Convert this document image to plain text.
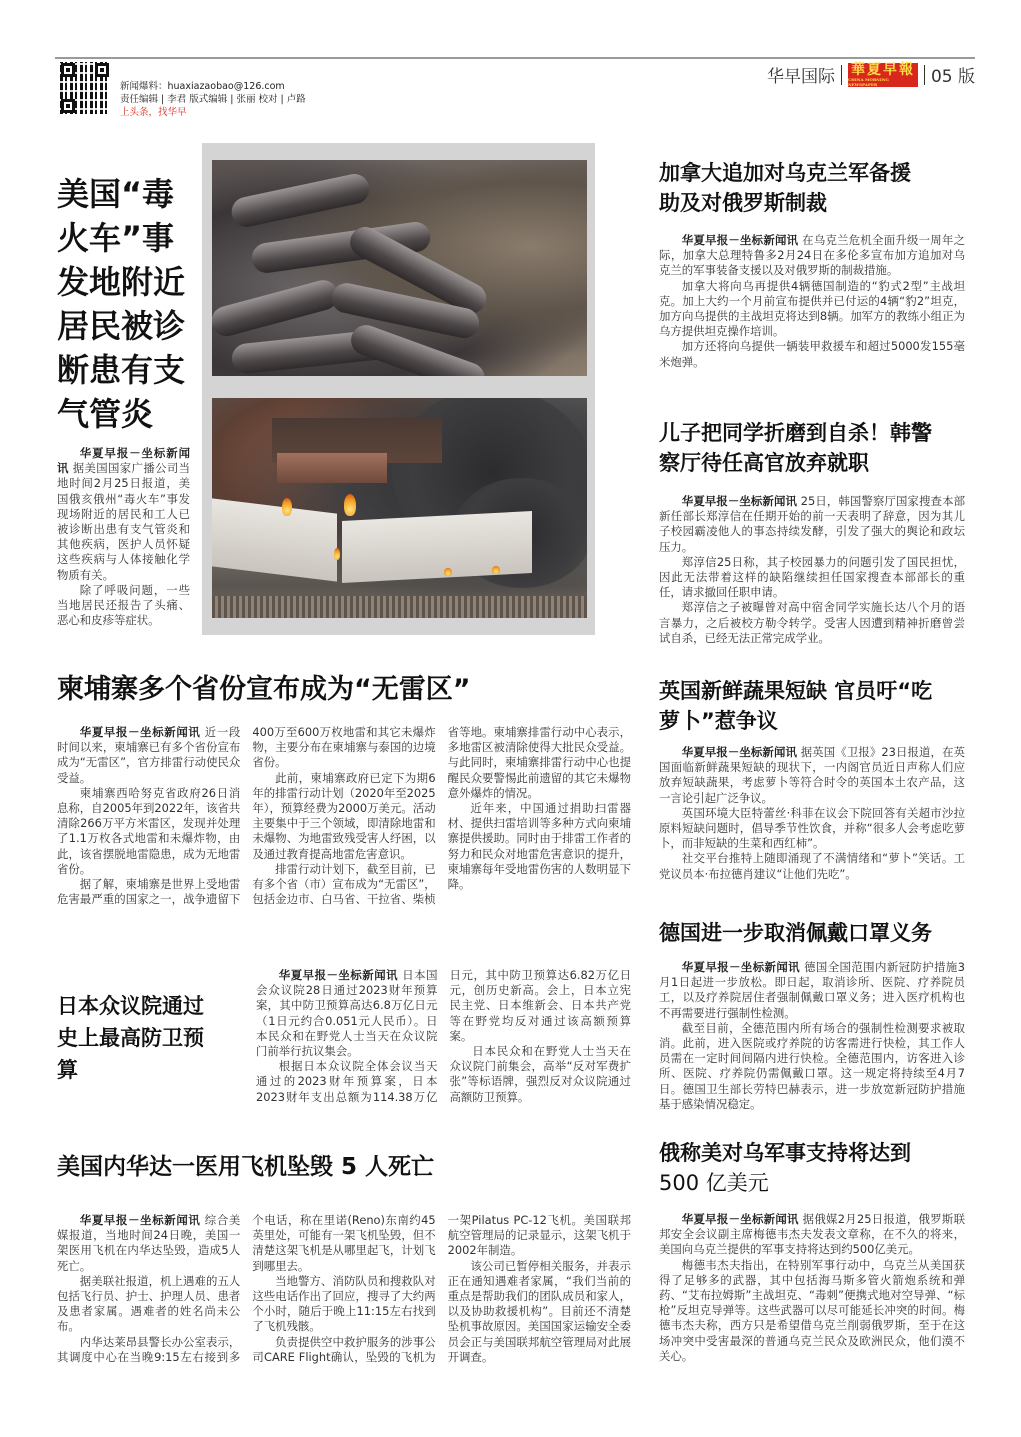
新闻爆料：huaxiazaobao@126.com
责任编辑 | 李君 版式编辑 | 张丽 校对 | 卢路
上头条，找华早
华早国际 華夏早報
CHINA MORNING NEWSPAPER	05 版
美国“毒
火车”事
发地附近
居民被诊
断患有支
气管炎

华夏早报－坐标新闻讯 据美国国家广播公司当地时间2月25日报道，美国俄亥俄州“毒火车”事发现场附近的居民和工人已被诊断出患有支气管炎和其他疾病，医护人员怀疑这些疾病与人体接触化学物质有关。

除了呼吸问题，一些当地居民还报告了头痛、恶心和皮疹等症状。

加拿大追加对乌克兰军备援
助及对俄罗斯制裁

华夏早报－坐标新闻讯 在乌克兰危机全面升级一周年之际，加拿大总理特鲁多2月24日在多伦多宣布加方追加对乌克兰的军事装备支援以及对俄罗斯的制裁措施。

加拿大将向乌再提供4辆德国制造的“豹式2型”主战坦克。加上大约一个月前宣布提供并已付运的4辆“豹2”坦克，加方向乌提供的主战坦克将达到8辆。加军方的教练小组正为乌方提供坦克操作培训。

加方还将向乌提供一辆装甲救援车和超过5000发155毫米炮弹。

儿子把同学折磨到自杀！韩警
察厅待任高官放弃就职

华夏早报－坐标新闻讯 25日，韩国警察厅国家搜查本部新任部长郑淳信在任期开始的前一天表明了辞意，因为其儿子校园霸凌他人的事态持续发酵，引发了强大的舆论和政坛压力。

郑淳信25日称，其子校园暴力的问题引发了国民担忧，因此无法带着这样的缺陷继续担任国家搜查本部部长的重任，请求撤回任职申请。

郑淳信之子被曝曾对高中宿舍同学实施长达八个月的语言暴力，之后被校方勒令转学。受害人因遭到精神折磨曾尝试自杀，已经无法正常完成学业。

柬埔寨多个省份宣布成为“无雷区”

华夏早报－坐标新闻讯 近一段时间以来，柬埔寨已有多个省份宣布成为“无雷区”，官方排雷行动使民众受益。

柬埔寨西哈努克省政府26日消息称，自2005年到2022年，该省共清除266万平方米雷区，发现并处理了1.1万枚各式地雷和未爆炸物，由此，该省摆脱地雷隐患，成为无地雷省份。

据了解，柬埔寨是世界上受地雷危害最严重的国家之一，战争遗留下400万至600万枚地雷和其它未爆炸物，主要分布在柬埔寨与泰国的边境省份。

此前，柬埔寨政府已定下为期6年的排雷行动计划（2020年至2025年），预算经费为2000万美元。活动主要集中于三个领域，即清除地雷和未爆物、为地雷致残受害人纾困，以及通过教育提高地雷危害意识。

排雷行动计划下，截至目前，已有多个省（市）宣布成为“无雷区”，包括金边市、白马省、干拉省、柴桢省等地。柬埔寨排雷行动中心表示，多地雷区被清除使得大批民众受益。与此同时，柬埔寨排雷行动中心也提醒民众要警惕此前遗留的其它未爆物意外爆炸的情况。

近年来，中国通过捐助扫雷器材、提供扫雷培训等多种方式向柬埔寨提供援助。同时由于排雷工作者的努力和民众对地雷危害意识的提升，柬埔寨每年受地雷伤害的人数明显下降。

日本众议院通过
史上最高防卫预
算

华夏早报－坐标新闻讯 日本国会众议院28日通过2023财年预算案，其中防卫预算高达6.8万亿日元（1日元约合0.051元人民币）。日本民众和在野党人士当天在众议院门前举行抗议集会。

根据日本众议院全体会议当天通过的2023财年预算案，日本2023财年支出总额为114.38万亿日元，其中防卫预算达6.82万亿日元，创历史新高。会上，日本立宪民主党、日本维新会、日本共产党等在野党均反对通过该高额预算案。

日本民众和在野党人士当天在众议院门前集会，高举“反对军费扩张”等标语牌，强烈反对众议院通过高额防卫预算。

美国内华达一医用飞机坠毁 5 人死亡

华夏早报－坐标新闻讯 综合美媒报道，当地时间24日晚，美国一架医用飞机在内华达坠毁，造成5人死亡。

据美联社报道，机上遇难的五人包括飞行员、护士、护理人员、患者及患者家属。遇难者的姓名尚未公布。

内华达莱昂县警长办公室表示，其调度中心在当晚9:15左右接到多个电话，称在里诺(Reno)东南约45英里处，可能有一架飞机坠毁，但不清楚这架飞机是从哪里起飞，计划飞到哪里去。

当地警方、消防队员和搜救队对这些电话作出了回应，搜寻了大约两个小时，随后于晚上11:15左右找到了飞机残骸。

负责提供空中救护服务的涉事公司CARE Flight确认，坠毁的飞机为一架Pilatus PC-12飞机。美国联邦航空管理局的记录显示，这架飞机于2002年制造。

该公司已暂停相关服务，并表示正在通知遇难者家属，“我们当前的重点是帮助我们的团队成员和家人，以及协助救援机构”。目前还不清楚坠机事故原因。美国国家运输安全委员会正与美国联邦航空管理局对此展开调查。

英国新鲜蔬果短缺 官员吁“吃
萝卜”惹争议

华夏早报－坐标新闻讯 据英国《卫报》23日报道，在英国面临新鲜蔬果短缺的现状下，一内阁官员近日声称人们应放弃短缺蔬果，考虑萝卜等符合时令的英国本土农产品，这一言论引起广泛争议。

英国环境大臣特蕾丝·科菲在议会下院回答有关超市沙拉原料短缺问题时，倡导季节性饮食，并称“很多人会考虑吃萝卜，而非短缺的生菜和西红柿”。

社交平台推特上随即涌现了不满情绪和“萝卜”笑话。工党议员本·布拉德肖建议“让他们先吃”。

德国进一步取消佩戴口罩义务

华夏早报－坐标新闻讯 德国全国范围内新冠防护措施3月1日起进一步放松。即日起，取消诊所、医院、疗养院员工，以及疗养院居住者强制佩戴口罩义务；进入医疗机构也不再需要进行强制性检测。

截至目前，全德范围内所有场合的强制性检测要求被取消。此前，进入医院或疗养院的访客需进行快检，其工作人员需在一定时间间隔内进行快检。全德范围内，访客进入诊所、医院、疗养院仍需佩戴口罩。这一规定将持续至4月7日。德国卫生部长劳特巴赫表示，进一步放宽新冠防护措施基于感染情况稳定。

俄称美对乌军事支持将达到
500 亿美元

华夏早报－坐标新闻讯 据俄媒2月25日报道，俄罗斯联邦安全会议副主席梅德韦杰夫发表文章称，在不久的将来，美国向乌克兰提供的军事支持将达到约500亿美元。

梅德韦杰夫指出，在特别军事行动中，乌克兰从美国获得了足够多的武器，其中包括海马斯多管火箭炮系统和弹药、“艾布拉姆斯”主战坦克、“毒刺”便携式地对空导弹、“标枪”反坦克导弹等。这些武器可以尽可能延长冲突的时间。梅德韦杰夫称，西方只是希望借乌克兰削弱俄罗斯，至于在这场冲突中受害最深的普通乌克兰民众及欧洲民众，他们漠不关心。
